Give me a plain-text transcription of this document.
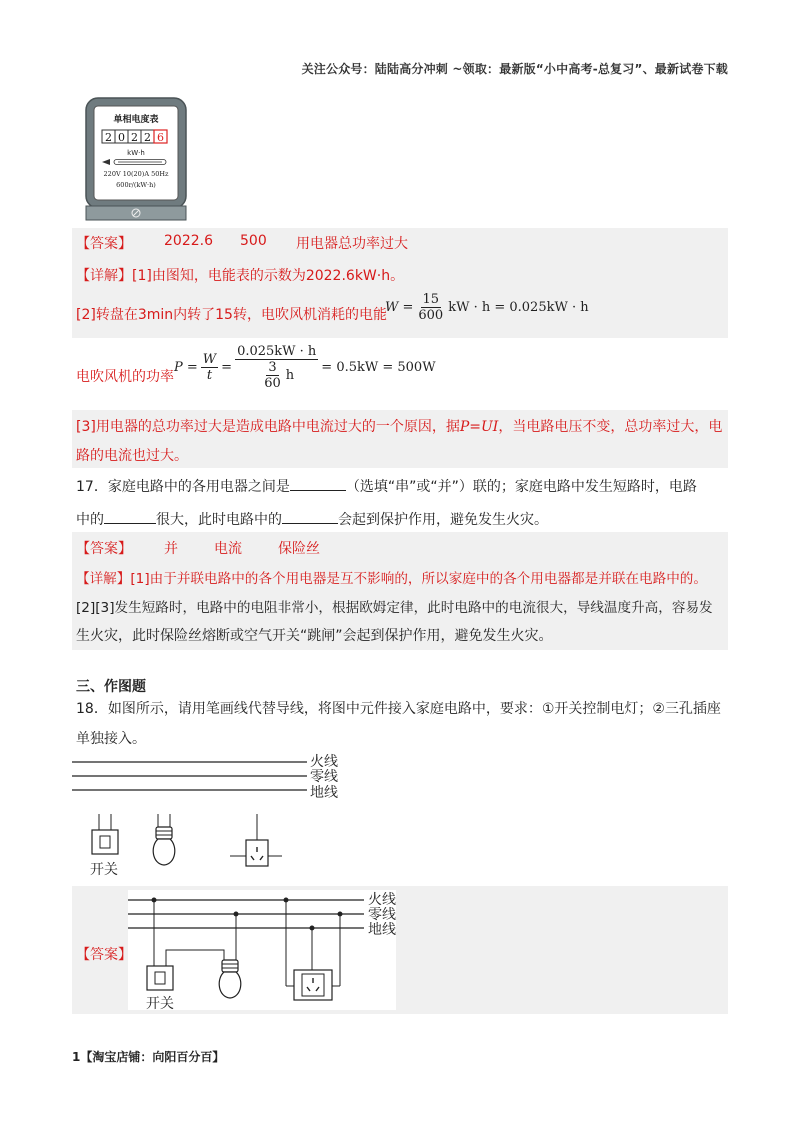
关注公众号：陆陆高分冲刺 ~领取：最新版“小中高考-总复习”、最新试卷下载
单相电度表
2 0 2 2 6
kW·h
220V 10(20)A 50Hz
600r/(kW·h)
【答案】 2022.6 500 用电器总功率过大
【详解】[1]由图知，电能表的示数为2022.6kW·h。
[2]转盘在3min内转了15转，电吹风机消耗的电能
$W = \frac{15}{600}$ kW · h = 0.025kW · h
$P = \frac{W}{t} = \frac{0.025kW \cdot h}{\frac{3}{60} h} = 0.5kW = 500W$
电吹风机的功率
[3]用电器的总功率过大是造成电路中电流过大的一个原因，据P=UI，当电路电压不变，总功率过大，电
路的电流也过大。
17．家庭电路中的各用电器之间是	（选填“串”或“并”）联的；家庭电路中发生短路时，电路
中的	很大，此时电路中的	会起到保护作用，避免发生火灾。
【答案】 并	电流	保险丝
【详解】[1]由于并联电路中的各个用电器是互不影响的，所以家庭中的各个用电器都是并联在电路中的。
[2][3]发生短路时，电路中的电阻非常小，根据欧姆定律，此时电路中的电流很大，导线温度升高，容易发
生火灾，此时保险丝熔断或空气开关“跳闸”会起到保护作用，避免发生火灾。
三、作图题
18．如图所示，请用笔画线代替导线，将图中元件接入家庭电路中，要求：①开关控制电灯；②三孔插座
单独接入。
火线
零线
地线
开关
【答案】
火线
零线
地线
开关
1【淘宝店铺：向阳百分百】
